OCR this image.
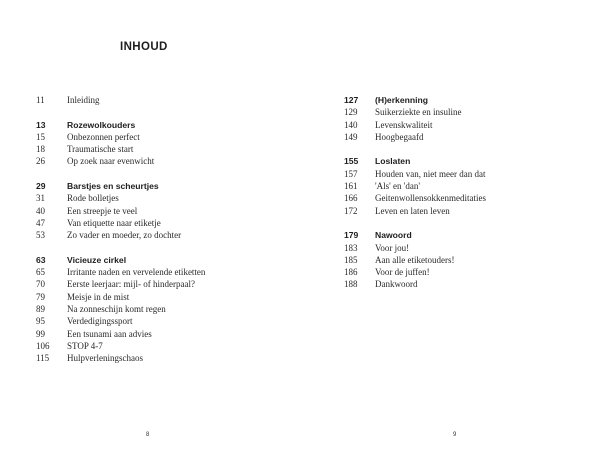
INHOUD
11	Inleiding
13	Rozewolkouders
15	Onbezonnen perfect
18	Traumatische start
26	Op zoek naar evenwicht
29	Barstjes en scheurtjes
31	Rode bolletjes
40	Een streepje te veel
47	Van etiquette naar etiketje
53	Zo vader en moeder, zo dochter
63	Vicieuze cirkel
65	Irritante naden en vervelende etiketten
70	Eerste leerjaar: mijl- of hinderpaal?
79	Meisje in de mist
89	Na zonneschijn komt regen
95	Verdedigingssport
99	Een tsunami aan advies
106	STOP 4-7
115	Hulpverleningschaos
127	(H)erkenning
129	Suikerziekte en insuline
140	Levenskwaliteit
149	Hoogbegaafd
155	Loslaten
157	Houden van, niet meer dan dat
161	'Als' en 'dan'
166	Geitenwollensokkenmeditaties
172	Leven en laten leven
179	Nawoord
183	Voor jou!
185	Aan alle etiketouders!
186	Voor de juffen!
188	Dankwoord
8	9
